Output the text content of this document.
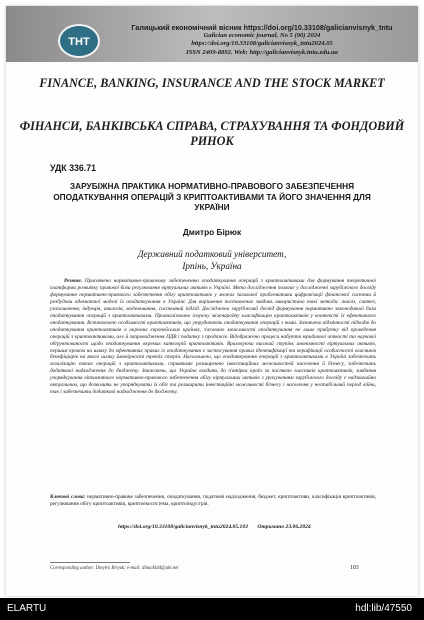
ТНТ
Галицький економічний вісник https://doi.org/10.33108/galicianvisnyk_tntu
Galician economic journal, No 5 (90) 2024
https://doi.org/10.33108/galicianvisnyk_tntu2024.05
ISSN 2409-8892. Web: http://galicianvisnyk.tntu.edu.ua
FINANCE, BANKING, INSURANCE AND THE STOCK MARKET
ФІНАНСИ, БАНКІВСЬКА СПРАВА, СТРАХУВАННЯ ТА ФОНДОВИЙ РИНОК
УДК 336.71
ЗАРУБІЖНА ПРАКТИКА НОРМАТИВНО-ПРАВОВОГО ЗАБЕЗПЕЧЕННЯ ОПОДАТКУВАННЯ ОПЕРАЦІЙ З КРИПТОАКТИВАМИ ТА ЙОГО ЗНАЧЕННЯ ДЛЯ УКРАЇНИ
Дмитро Бірюк
Державний податковий університет,
Ірпінь, Україна
Резюме. Присвячено нормативно-правовому забезпеченню оподаткування операцій з криптоактивами для формування теоретичної платформи розвитку правової бази регулювання віртуальних активів в Україні. Мета дослідження полягає у дослідженні зарубіжного досвіду формування нормативно-правового забезпечення обігу криптоактивів у межах загальної проблематики цифровізації фінансової системи й розбудови адекватної моделі їх оподаткування в Україні. Для вирішення поставлених завдань використано такі методи: аналіз, синтез, узагальнення, індукція, аналогія, моделювання, системний підхід. Досліджено зарубіжний досвід формування нормативно законодавчої бази оподаткування операцій з криптоактивами. Проаналізовано існуючу міжнародну класифікацію криптоактивів у контексті їх ефективного оподаткування. Встановлено особливості криптоактивів, що утруднюють оподаткування операцій з ними. Зазначено відмінності підходів до оподаткування криптоактивів в окремих європейських країнах, з'ясовано можливості оподаткування не лише прибутку від проведення операцій з криптоактивами, але й запровадження ПДВ і податку з продажів. Відображено процеси набуття юридичної чіткості та наукової обґрунтованості щодо оподаткування окремих категорій криптоактивів. Враховуючи високий ступінь анонімності віртуальних активів, першим кроком на шляху до ефективних правил їх оподаткування є застосування правил ідентифікації та верифікації особистості власників бенефіціарів на якого шляху ймовірності третіх сторін. Наголошено, що оподаткування операцій з криптоактивами в Україні забезпечить легалізацію таких операцій з криптоактивами, сприятиме розширенню інвестиційних можливостей населення й бізнесу, забезпечить додаткові надходження до бюджету. Зважаючи, що Україна входить до п'ятірки країн за часткою власників криптоактивів, завдання упорядкування вітчизняного нормативно-правового забезпечення обігу віртуальних активів з урахуванням зарубіжного досвіду є надзвичайно актуальним, що дозволить не упорядкувати їх обіг та розширити інвестиційні можливості бізнесу і населення у нестабільний період війни, так і забезпечити додаткові надходження до бюджету.
Ключові слова: нормативно-правове забезпечення, оподаткування, податкові надходження, бюджет, криптоактиви, класифікація криптоактивів, регулювання обігу криптоактивів, криптоекосистема, криптоіндустрія.
https://doi.org/10.33108/galicianvisnyk_tntu2024.05.103 Отримано 23.06.2024
Corresponding author: Dmytro Biryuk; e-mail: dima4444@ukr.net	103
ELARTU	hdl:lib/47550
